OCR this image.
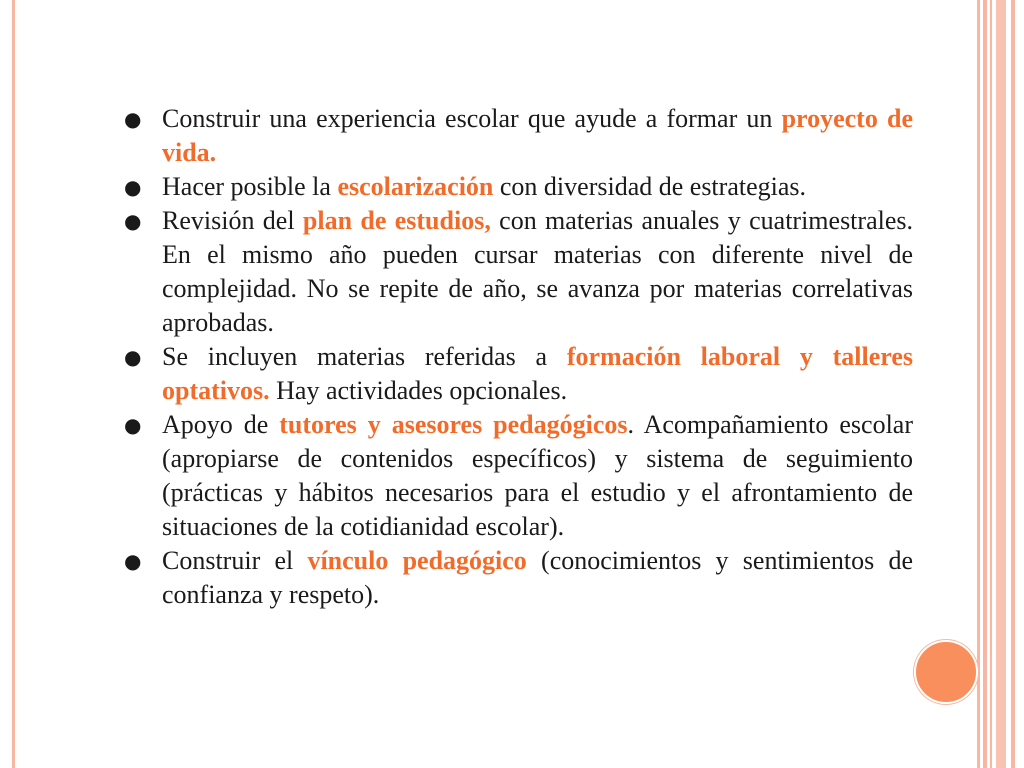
● Construir una experiencia escolar que ayude a formar un proyecto de vida.
● Hacer posible la escolarización con diversidad de estrategias.
● Revisión del plan de estudios, con materias anuales y cuatrimestrales. En el mismo año pueden cursar materias con diferente nivel de complejidad. No se repite de año, se avanza por materias correlativas aprobadas.
● Se incluyen materias referidas a formación laboral y talleres optativos. Hay actividades opcionales.
● Apoyo de tutores y asesores pedagógicos. Acompañamiento escolar (apropiarse de contenidos específicos) y sistema de seguimiento (prácticas y hábitos necesarios para el estudio y el afrontamiento de situaciones de la cotidianidad escolar).
● Construir el vínculo pedagógico (conocimientos y sentimientos de confianza y respeto).
